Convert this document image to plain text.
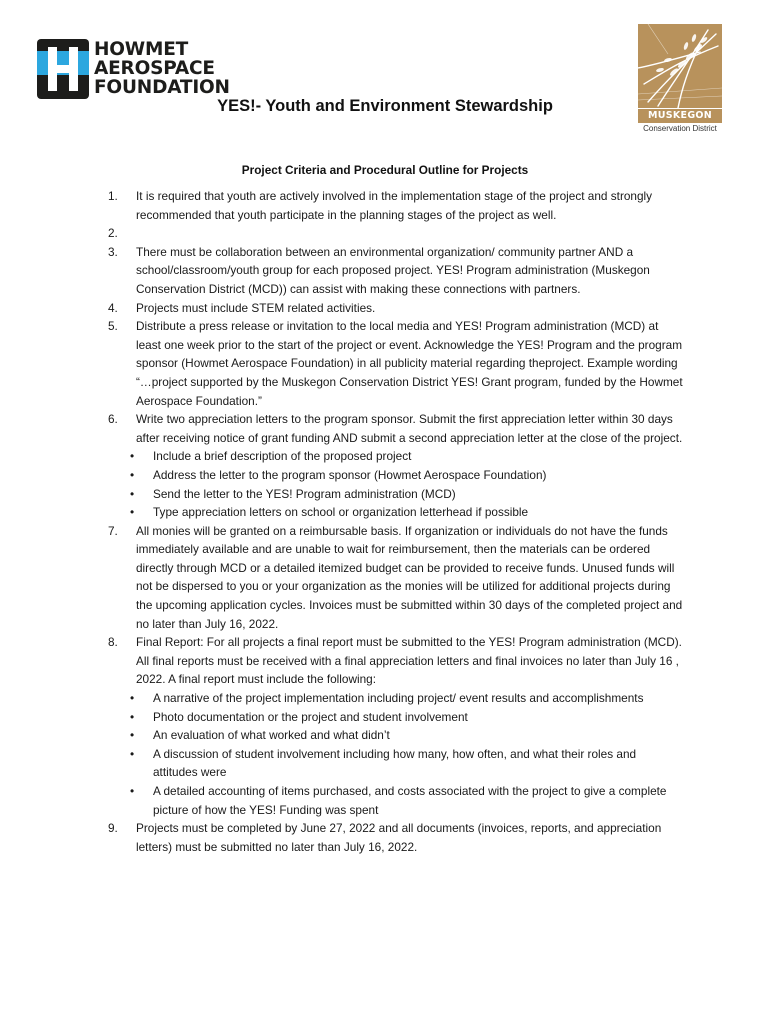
HOWMET
AEROSPACE
FOUNDATION
MUSKEGON
Conservation District
YES!- Youth and Environment Stewardship
Project Criteria and Procedural Outline for Projects
1.	It is required that youth are actively involved in the implementation stage of the project and strongly recommended that youth participate in the planning stages of the project as well.
2.
3.	There must be collaboration between an environmental organization/ community partner AND a school/classroom/youth group for each proposed project. YES! Program administration (Muskegon Conservation District (MCD)) can assist with making these connections with partners.
4.	Projects must include STEM related activities.
5.	Distribute a press release or invitation to the local media and YES! Program administration (MCD) at least one week prior to the start of the project or event. Acknowledge the YES! Program and the program sponsor (Howmet Aerospace Foundation) in all publicity material regarding theproject. Example wording “…project supported by the Muskegon Conservation District YES! Grant program, funded by the Howmet Aerospace Foundation.”
6.	Write two appreciation letters to the program sponsor. Submit the first appreciation letter within 30 days after receiving notice of grant funding AND submit a second appreciation letter at the close of the project.
• Include a brief description of the proposed project
• Address the letter to the program sponsor (Howmet Aerospace Foundation)
• Send the letter to the YES! Program administration (MCD)
• Type appreciation letters on school or organization letterhead if possible
7.	All monies will be granted on a reimbursable basis. If organization or individuals do not have the funds immediately available and are unable to wait for reimbursement, then the materials can be ordered directly through MCD or a detailed itemized budget can be provided to receive funds. Unused funds will not be dispersed to you or your organization as the monies will be utilized for additional projects during the upcoming application cycles. Invoices must be submitted within 30 days of the completed project and no later than July 16, 2022.
8.	Final Report: For all projects a final report must be submitted to the YES! Program administration (MCD). All final reports must be received with a final appreciation letters and final invoices no later than July 16 , 2022. A final report must include the following:
• A narrative of the project implementation including project/ event results and accomplishments
• Photo documentation or the project and student involvement
• An evaluation of what worked and what didn’t
• A discussion of student involvement including how many, how often, and what their roles and attitudes were
• A detailed accounting of items purchased, and costs associated with the project to give a complete picture of how the YES! Funding was spent
9.	Projects must be completed by June 27, 2022 and all documents (invoices, reports, and appreciation letters) must be submitted no later than July 16, 2022.
